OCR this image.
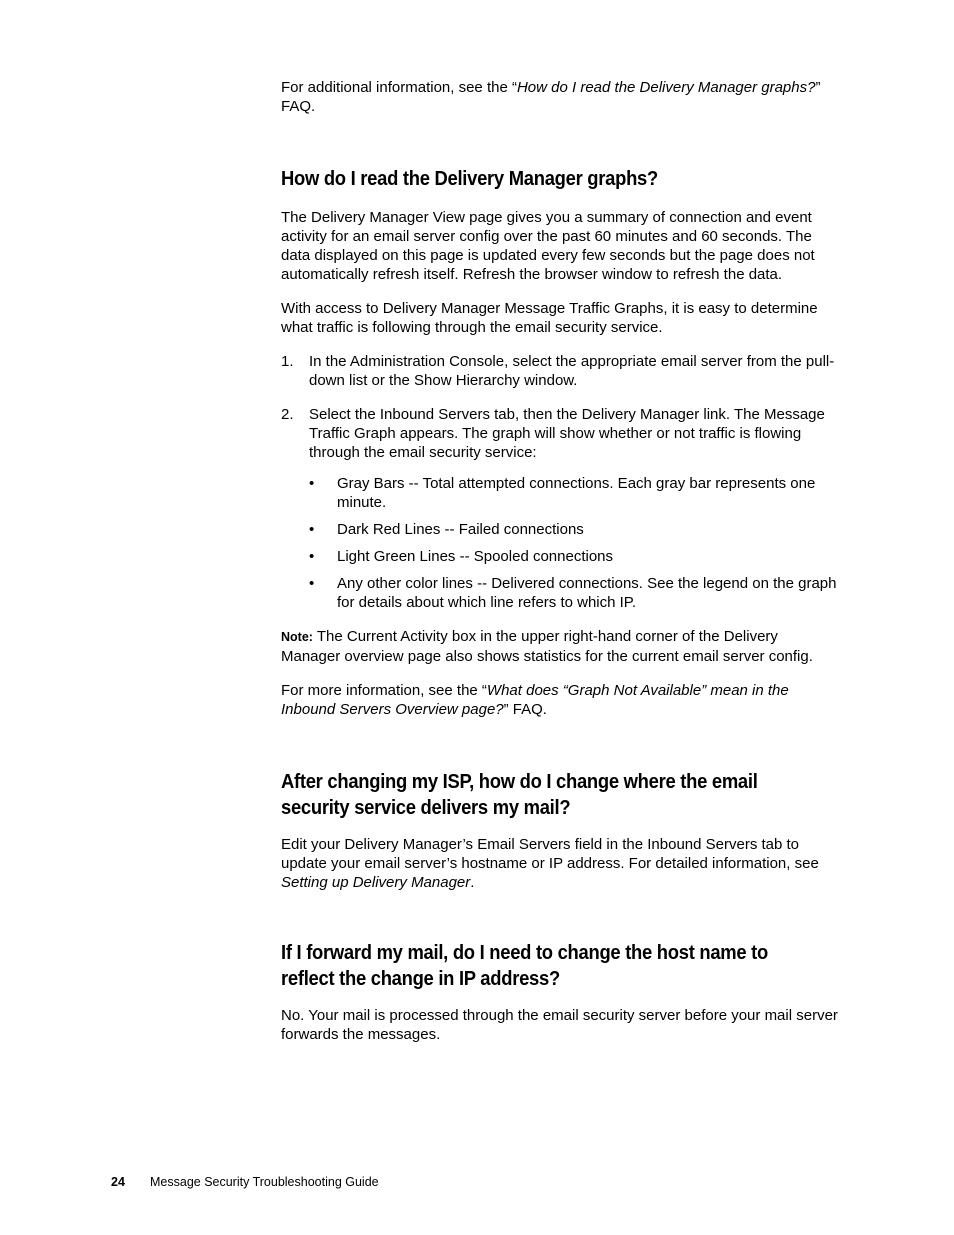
For additional information, see the “How do I read the Delivery Manager graphs?” FAQ.

How do I read the Delivery Manager graphs?

The Delivery Manager View page gives you a summary of connection and event activity for an email server config over the past 60 minutes and 60 seconds. The data displayed on this page is updated every few seconds but the page does not automatically refresh itself. Refresh the browser window to refresh the data.

With access to Delivery Manager Message Traffic Graphs, it is easy to determine what traffic is following through the email security service.

1. In the Administration Console, select the appropriate email server from the pull-down list or the Show Hierarchy window.
2. Select the Inbound Servers tab, then the Delivery Manager link. The Message Traffic Graph appears. The graph will show whether or not traffic is flowing through the email security service:
• Gray Bars -- Total attempted connections. Each gray bar represents one minute.
• Dark Red Lines -- Failed connections
• Light Green Lines -- Spooled connections
• Any other color lines -- Delivered connections. See the legend on the graph for details about which line refers to which IP.

Note: The Current Activity box in the upper right-hand corner of the Delivery Manager overview page also shows statistics for the current email server config.

For more information, see the “What does “Graph Not Available” mean in the Inbound Servers Overview page?” FAQ.

After changing my ISP, how do I change where the email
security service delivers my mail?

Edit your Delivery Manager’s Email Servers field in the Inbound Servers tab to update your email server’s hostname or IP address. For detailed information, see Setting up Delivery Manager.

If I forward my mail, do I need to change the host name to
reflect the change in IP address?

No. Your mail is processed through the email security server before your mail server forwards the messages.

24 Message Security Troubleshooting Guide
